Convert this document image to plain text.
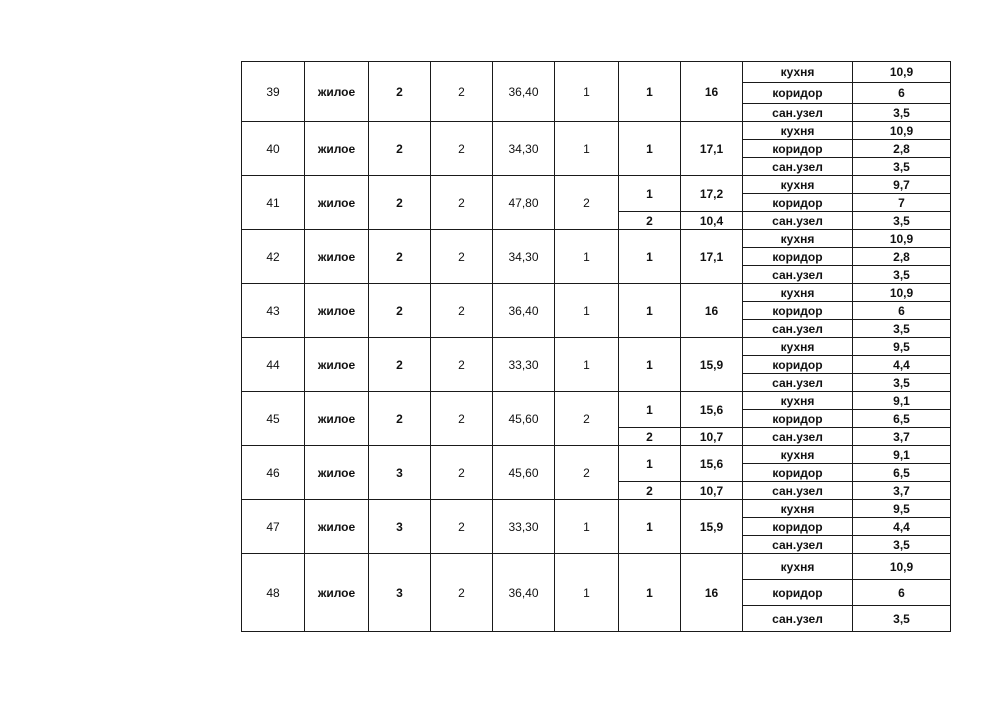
39	жилое	2	2	36,40	1	1	16	кухня	10,9
								коридор	6
								сан.узел	3,5
40	жилое	2	2	34,30	1	1	17,1	кухня	10,9
								коридор	2,8
								сан.узел	3,5
41	жилое	2	2	47,80	2	1	17,2	кухня	9,7
								коридор	7
						2	10,4	сан.узел	3,5
42	жилое	2	2	34,30	1	1	17,1	кухня	10,9
								коридор	2,8
								сан.узел	3,5
43	жилое	2	2	36,40	1	1	16	кухня	10,9
								коридор	6
								сан.узел	3,5
44	жилое	2	2	33,30	1	1	15,9	кухня	9,5
								коридор	4,4
								сан.узел	3,5
45	жилое	2	2	45,60	2	1	15,6	кухня	9,1
								коридор	6,5
						2	10,7	сан.узел	3,7
46	жилое	3	2	45,60	2	1	15,6	кухня	9,1
								коридор	6,5
						2	10,7	сан.узел	3,7
47	жилое	3	2	33,30	1	1	15,9	кухня	9,5
								коридор	4,4
								сан.узел	3,5
48	жилое	3	2	36,40	1	1	16	кухня	10,9
								коридор	6
								сан.узел	3,5
